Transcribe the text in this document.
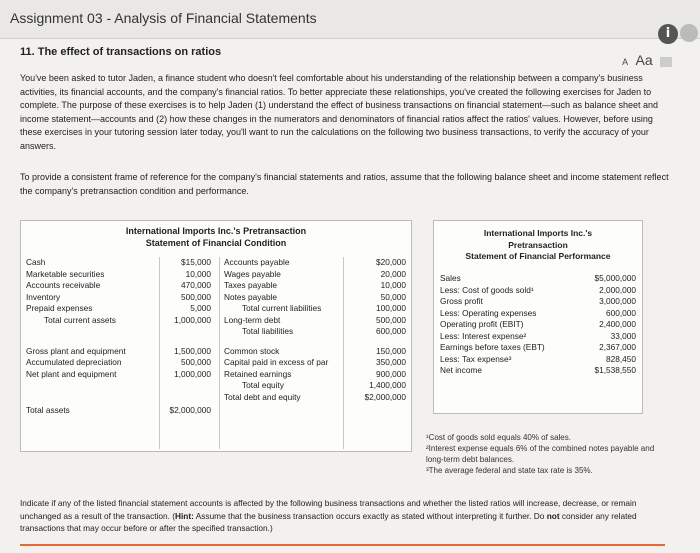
Assignment 03 - Analysis of Financial Statements
i
11. The effect of transactions on ratios
A Aa
You've been asked to tutor Jaden, a finance student who doesn't feel comfortable about his understanding of the relationship between a company's business activities, its financial accounts, and the company's financial ratios. To better appreciate these relationships, you've created the following exercises for Jaden to complete. The purpose of these exercises is to help Jaden (1) understand the effect of business transactions on financial statement—such as balance sheet and income statement—accounts and (2) how these changes in the numerators and denominators of financial ratios affect the ratios' values. However, before using these exercises in your tutoring session later today, you'll want to run the calculations on the following two business transactions, to verify the accuracy of your answers.
To provide a consistent frame of reference for the company's financial statements and ratios, assume that the following balance sheet and income statement reflect the company's pretransaction condition and performance.
International Imports Inc.'s Pretransaction
Statement of Financial Condition
Cash
Marketable securities
Accounts receivable
Inventory
Prepaid expenses
Total current assets
Gross plant and equipment
Accumulated depreciation
Net plant and equipment
Total assets
$15,000
10,000
470,000
500,000
5,000
1,000,000
1,500,000
500,000
1,000,000
$2,000,000
Accounts payable
Wages payable
Taxes payable
Notes payable
Total current liabilities
Long-term debt
Total liabilities
Common stock
Capital paid in excess of par
Retained earnings
Total equity
Total debt and equity
$20,000
20,000
10,000
50,000
100,000
500,000
600,000
150,000
350,000
900,000
1,400,000
$2,000,000
International Imports Inc.'s
Pretransaction
Statement of Financial Performance
Sales
Less: Cost of goods sold¹
Gross profit
Less: Operating expenses
Operating profit (EBIT)
Less: Interest expense²
Earnings before taxes (EBT)
Less: Tax expense³
Net income
$5,000,000
2,000,000
3,000,000
600,000
2,400,000
33,000
2,367,000
828,450
$1,538,550
¹Cost of goods sold equals 40% of sales.
²Interest expense equals 6% of the combined notes payable and long-term debt balances.
³The average federal and state tax rate is 35%.
Indicate if any of the listed financial statement accounts is affected by the following business transactions and whether the listed ratios will increase, decrease, or remain unchanged as a result of the transaction. (Hint: Assume that the business transaction occurs exactly as stated without interpreting it further. Do not consider any related transactions that may occur before or after the specified transaction.)
